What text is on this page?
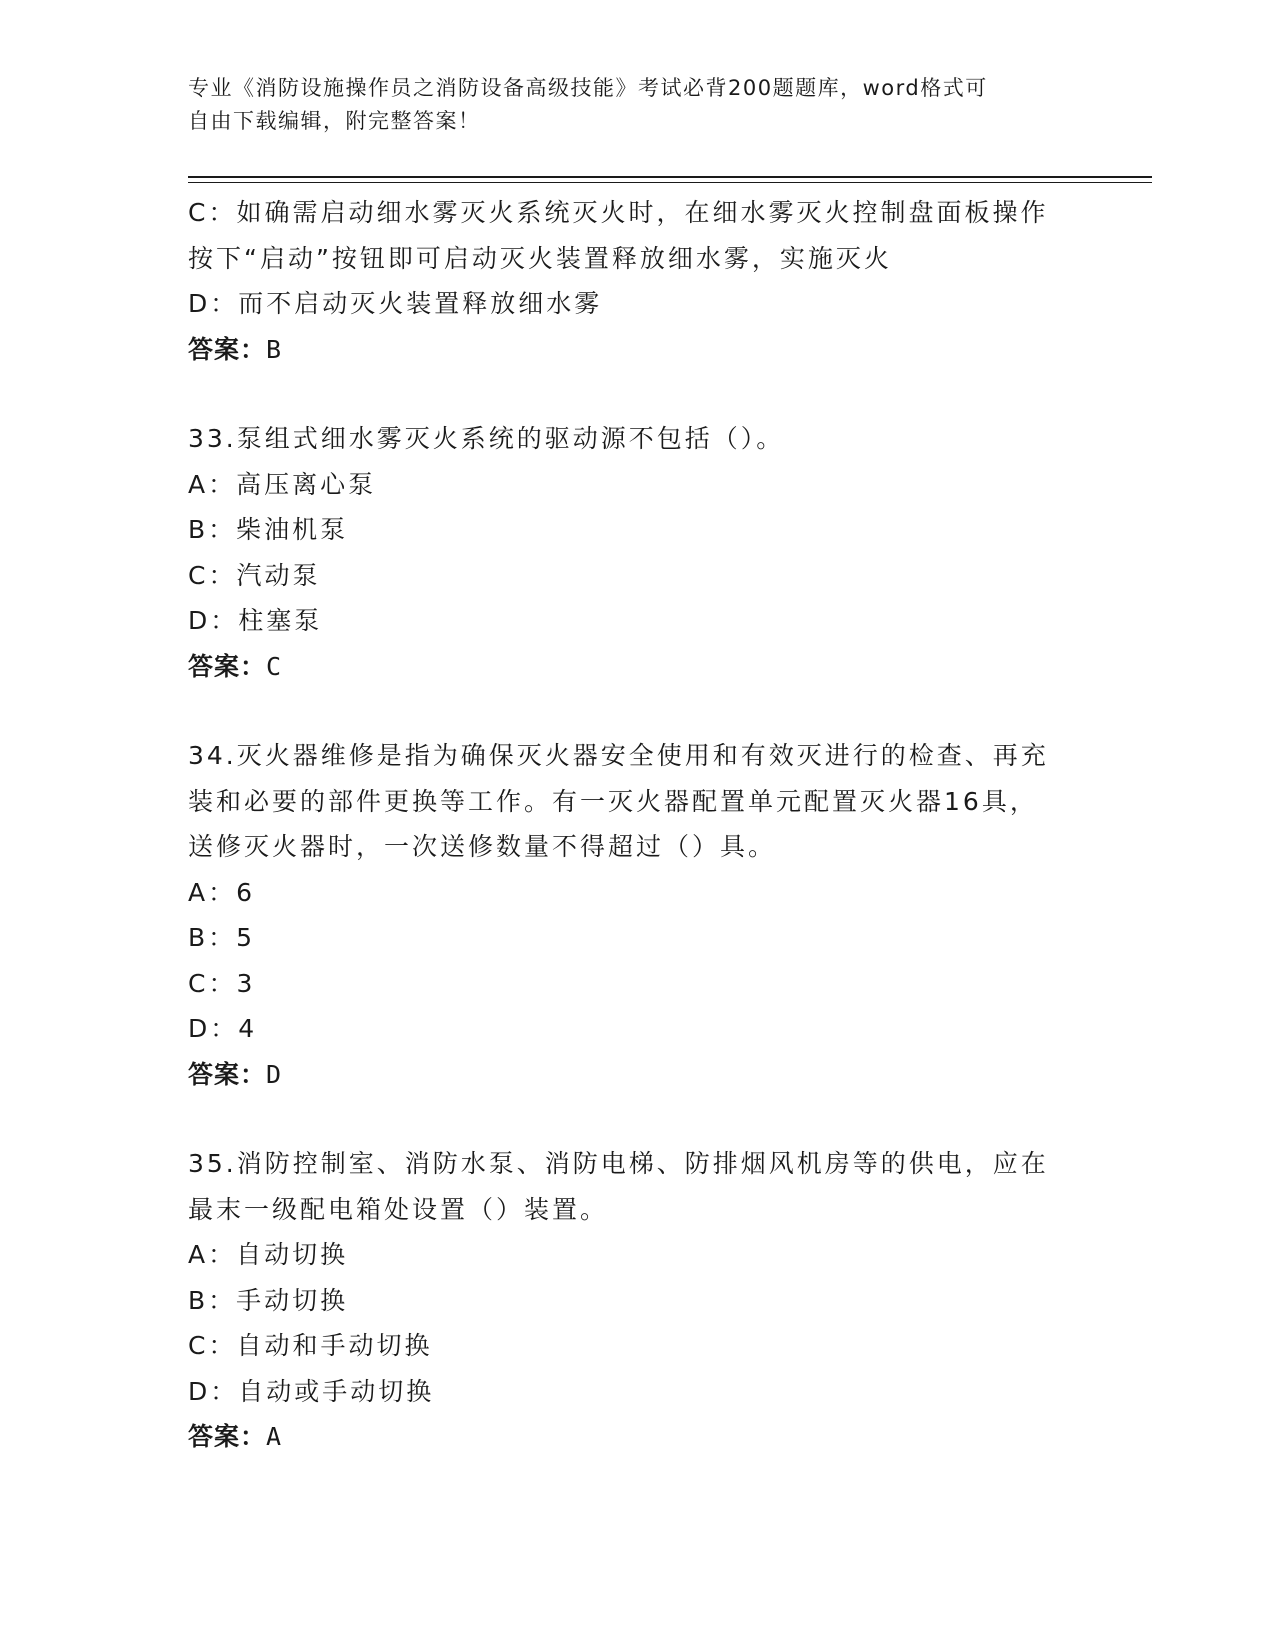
专业《消防设施操作员之消防设备高级技能》考试必背200题题库，word格式可
自由下载编辑，附完整答案！
C：如确需启动细水雾灭火系统灭火时，在细水雾灭火控制盘面板操作
按下“启动”按钮即可启动灭火装置释放细水雾，实施灭火
D：而不启动灭火装置释放细水雾
答案：B
33.泵组式细水雾灭火系统的驱动源不包括（）。
A：高压离心泵
B：柴油机泵
C：汽动泵
D：柱塞泵
答案：C
34.灭火器维修是指为确保灭火器安全使用和有效灭进行的检查、再充
装和必要的部件更换等工作。有一灭火器配置单元配置灭火器16具，
送修灭火器时，一次送修数量不得超过（）具。
A：6
B：5
C：3
D：4
答案：D
35.消防控制室、消防水泵、消防电梯、防排烟风机房等的供电，应在
最末一级配电箱处设置（）装置。
A：自动切换
B：手动切换
C：自动和手动切换
D：自动或手动切换
答案：A
